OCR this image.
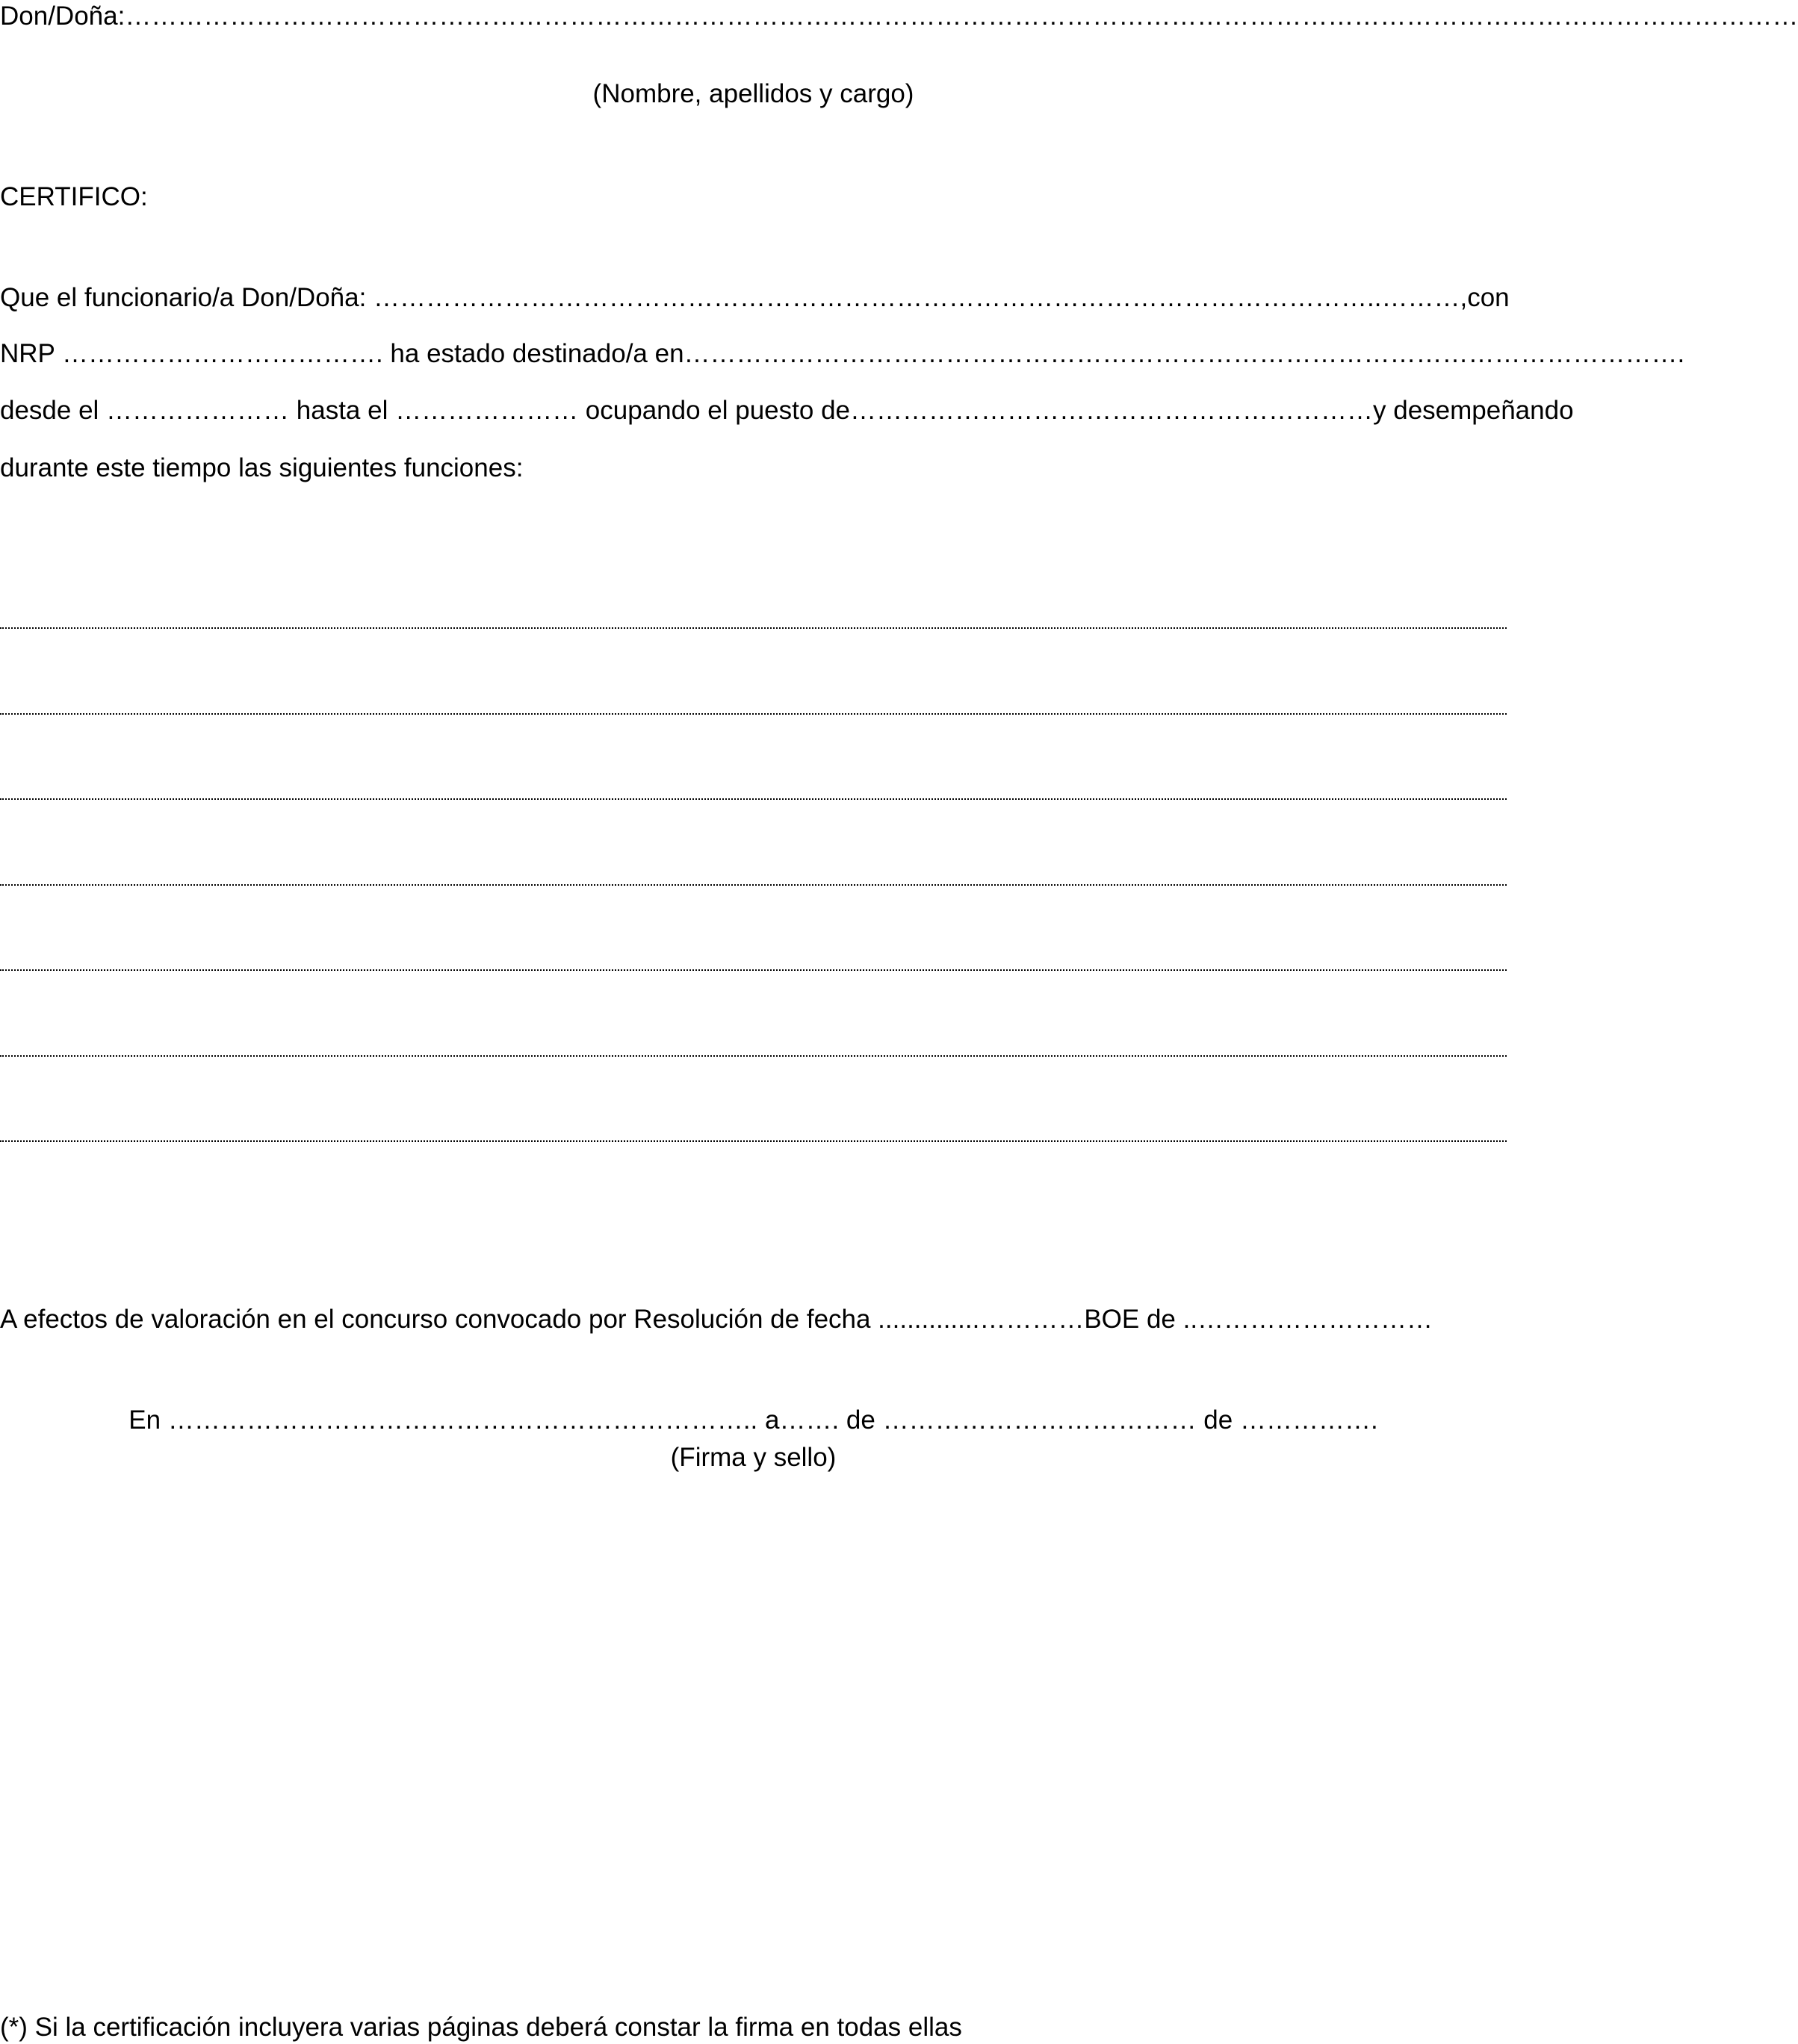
Don/Doña:…………………………………………………………………………………………………………………………………………………………………………
(Nombre, apellidos y cargo)
CERTIFICO:
Que el funcionario/a Don/Doña: ……………………………………………………………………………………………………..… ……,con
NRP ………………………………. ha estado destinado/a en …………………………………………………………………………………………………….
desde el ………………… hasta el ………………… ocupando el puesto de ……………………………………………………y desempeñando
durante este tiempo las siguientes funciones:
A efectos de valoración en el concurso convocado por Resolución de fecha ..............…………BOE de ..………………………
En ………………………………………………………….. a……. de ……………………………… de …………….
(Firma y sello)
(*) Si la certificación incluyera varias páginas deberá constar la firma en todas ellas
